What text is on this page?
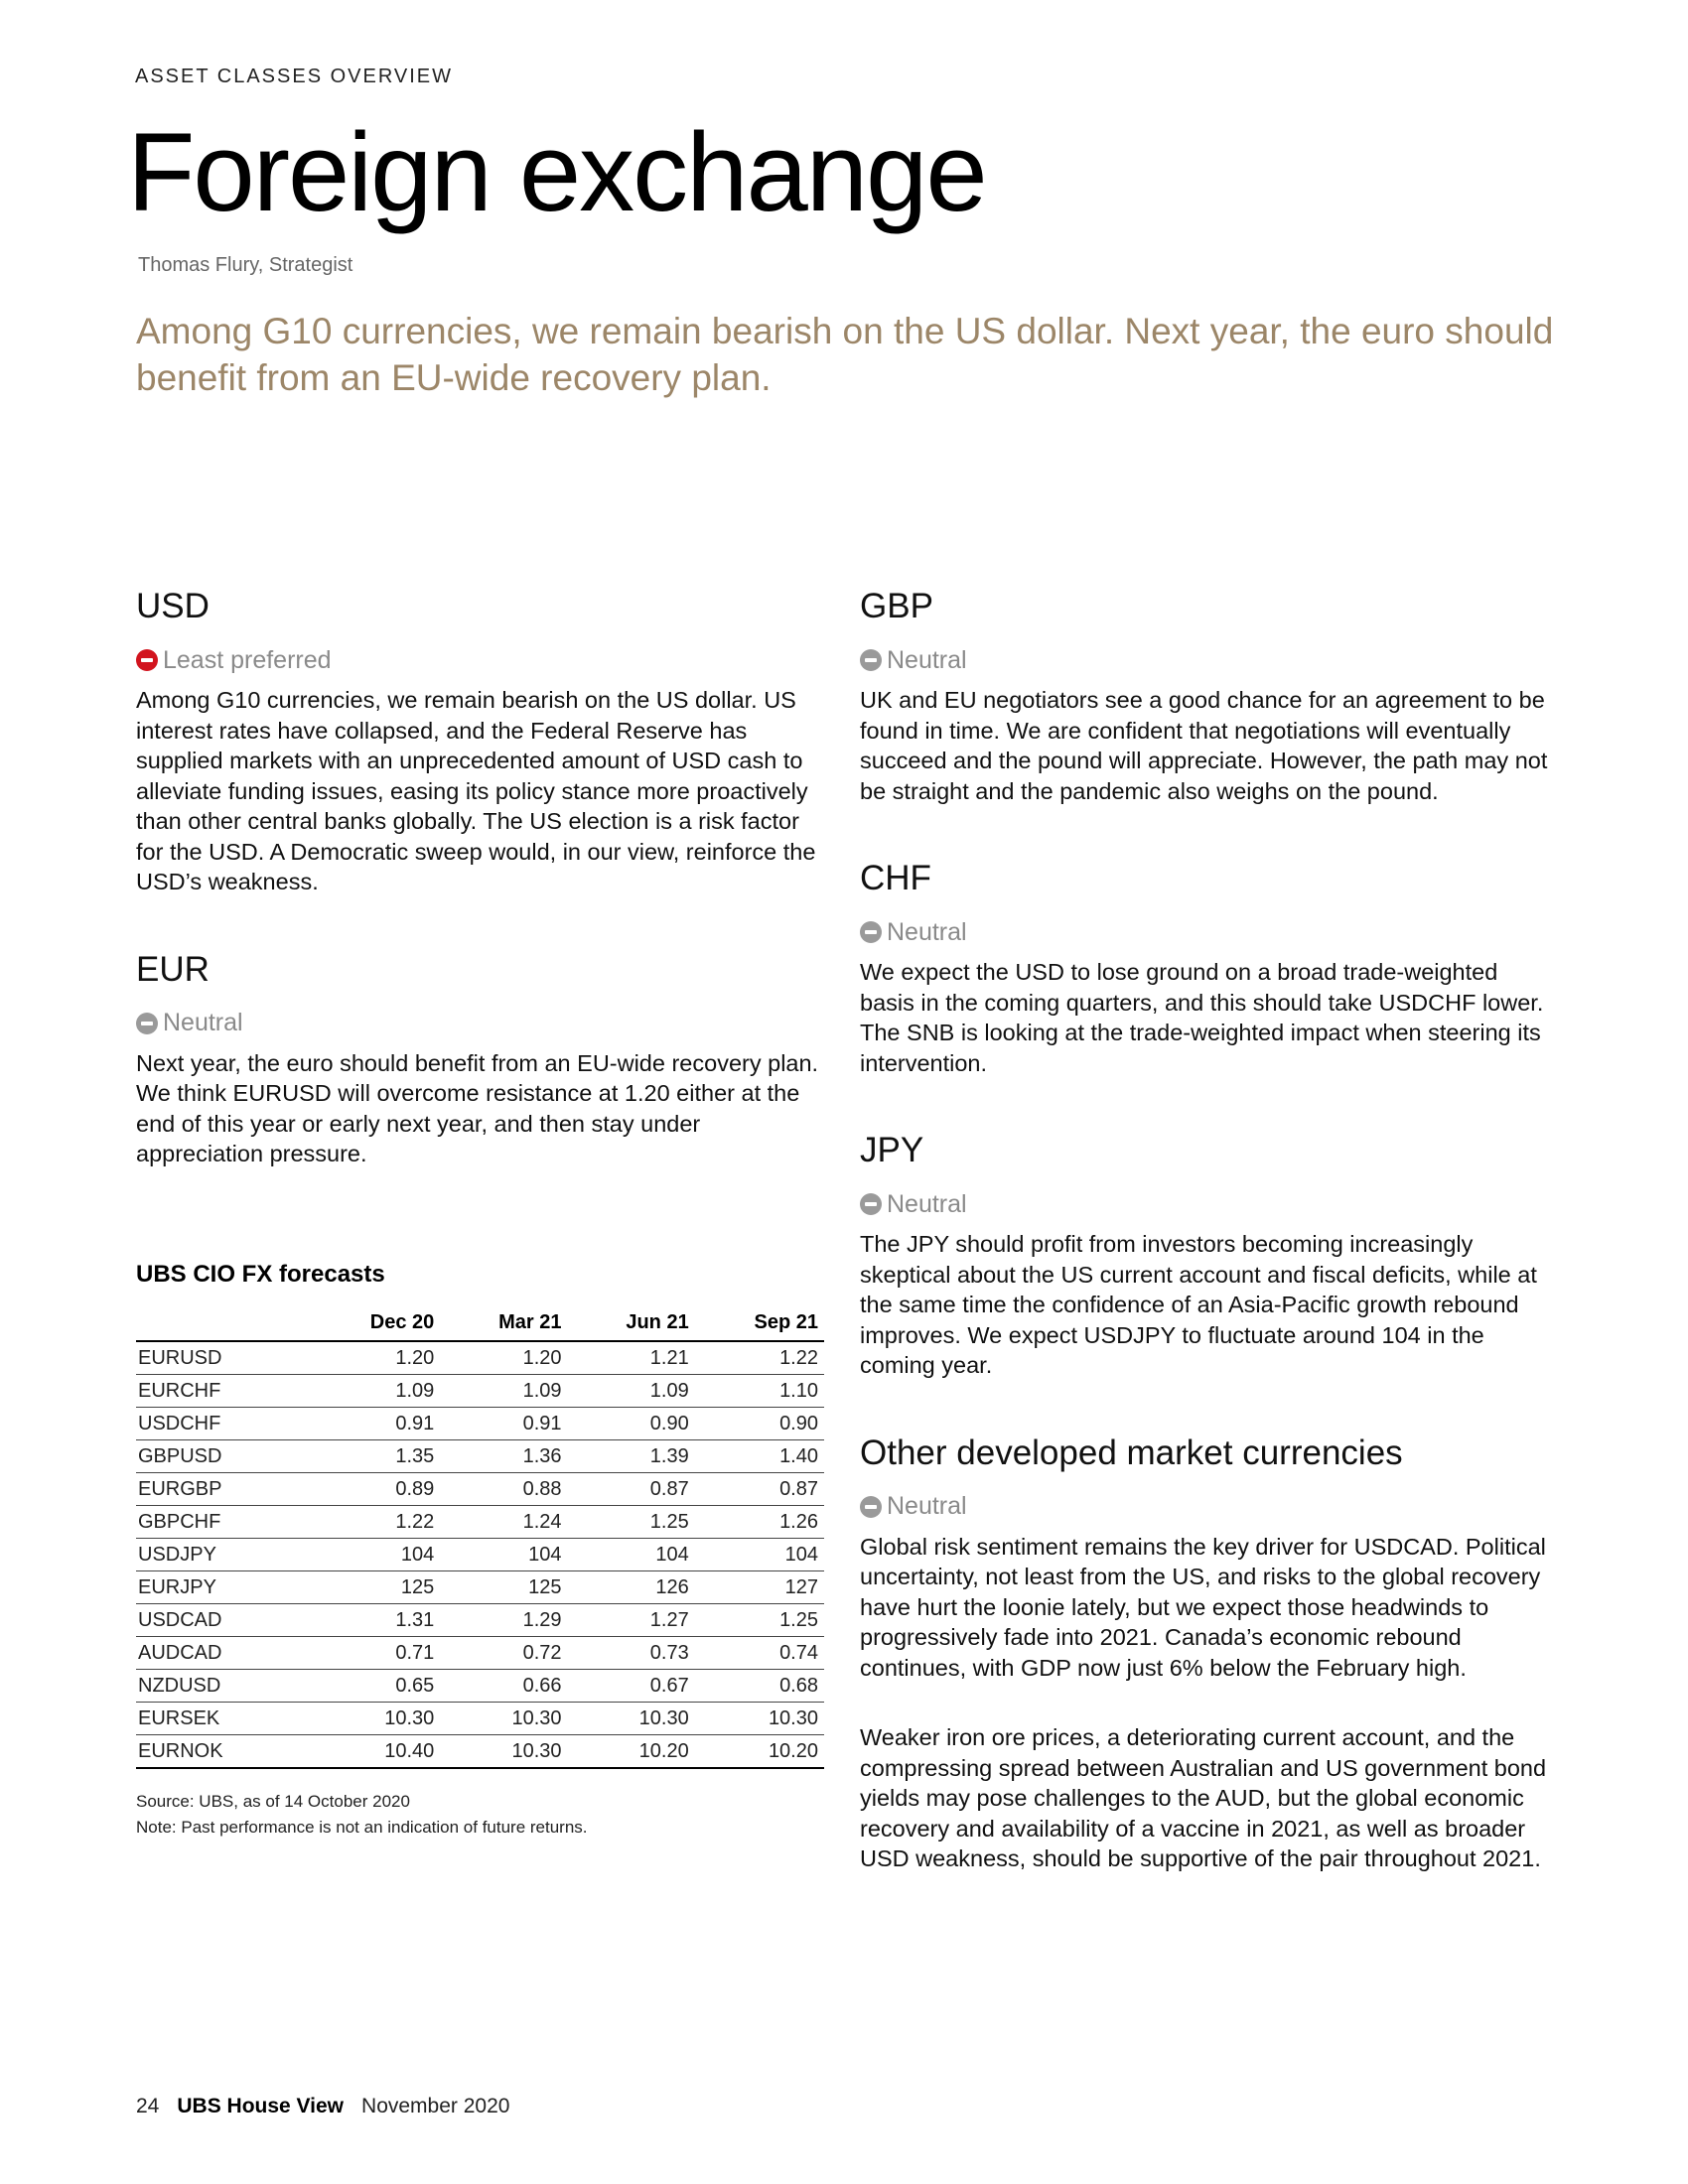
ASSET CLASSES OVERVIEW
Foreign exchange
Thomas Flury, Strategist
Among G10 currencies, we remain bearish on the US dollar. Next year, the euro should benefit from an EU-wide recovery plan.
USD
Least preferred

Among G10 currencies, we remain bearish on the US dollar. US interest rates have collapsed, and the Federal Reserve has supplied markets with an unprecedented amount of USD cash to alleviate funding issues, easing its policy stance more proactively than other central banks globally. The US election is a risk factor for the USD. A Democratic sweep would, in our view, reinforce the USD’s weakness.

EUR
Neutral

Next year, the euro should benefit from an EU-wide recovery plan. We think EURUSD will overcome resistance at 1.20 either at the end of this year or early next year, and then stay under appreciation pressure.

UBS CIO FX forecasts
	Dec 20	Mar 21	Jun 21	Sep 21
EURUSD	1.20	1.20	1.21	1.22
EURCHF	1.09	1.09	1.09	1.10
USDCHF	0.91	0.91	0.90	0.90
GBPUSD	1.35	1.36	1.39	1.40
EURGBP	0.89	0.88	0.87	0.87
GBPCHF	1.22	1.24	1.25	1.26
USDJPY	104	104	104	104
EURJPY	125	125	126	127
USDCAD	1.31	1.29	1.27	1.25
AUDCAD	0.71	0.72	0.73	0.74
NZDUSD	0.65	0.66	0.67	0.68
EURSEK	10.30	10.30	10.30	10.30
EURNOK	10.40	10.30	10.20	10.20
Source: UBS, as of 14 October 2020
Note: Past performance is not an indication of future returns.
GBP
Neutral

UK and EU negotiators see a good chance for an agreement to be found in time. We are confident that negotiations will eventually succeed and the pound will appreciate. However, the path may not be straight and the pandemic also weighs on the pound.

CHF
Neutral

We expect the USD to lose ground on a broad trade-weighted basis in the coming quarters, and this should take USDCHF lower. The SNB is looking at the trade-weighted impact when steering its intervention.

JPY
Neutral

The JPY should profit from investors becoming increasingly skeptical about the US current account and fiscal deficits, while at the same time the confidence of an Asia-Pacific growth rebound improves. We expect USDJPY to fluctuate around 104 in the coming year.

Other developed market currencies
Neutral

Global risk sentiment remains the key driver for USDCAD. Political uncertainty, not least from the US, and risks to the global recovery have hurt the loonie lately, but we expect those headwinds to progressively fade into 2021. Canada’s economic rebound continues, with GDP now just 6% below the February high.

Weaker iron ore prices, a deteriorating current account, and the compressing spread between Australian and US government bond yields may pose challenges to the AUD, but the global economic recovery and availability of a vaccine in 2021, as well as broader USD weakness, should be supportive of the pair throughout 2021.

24 UBS House View November 2020
